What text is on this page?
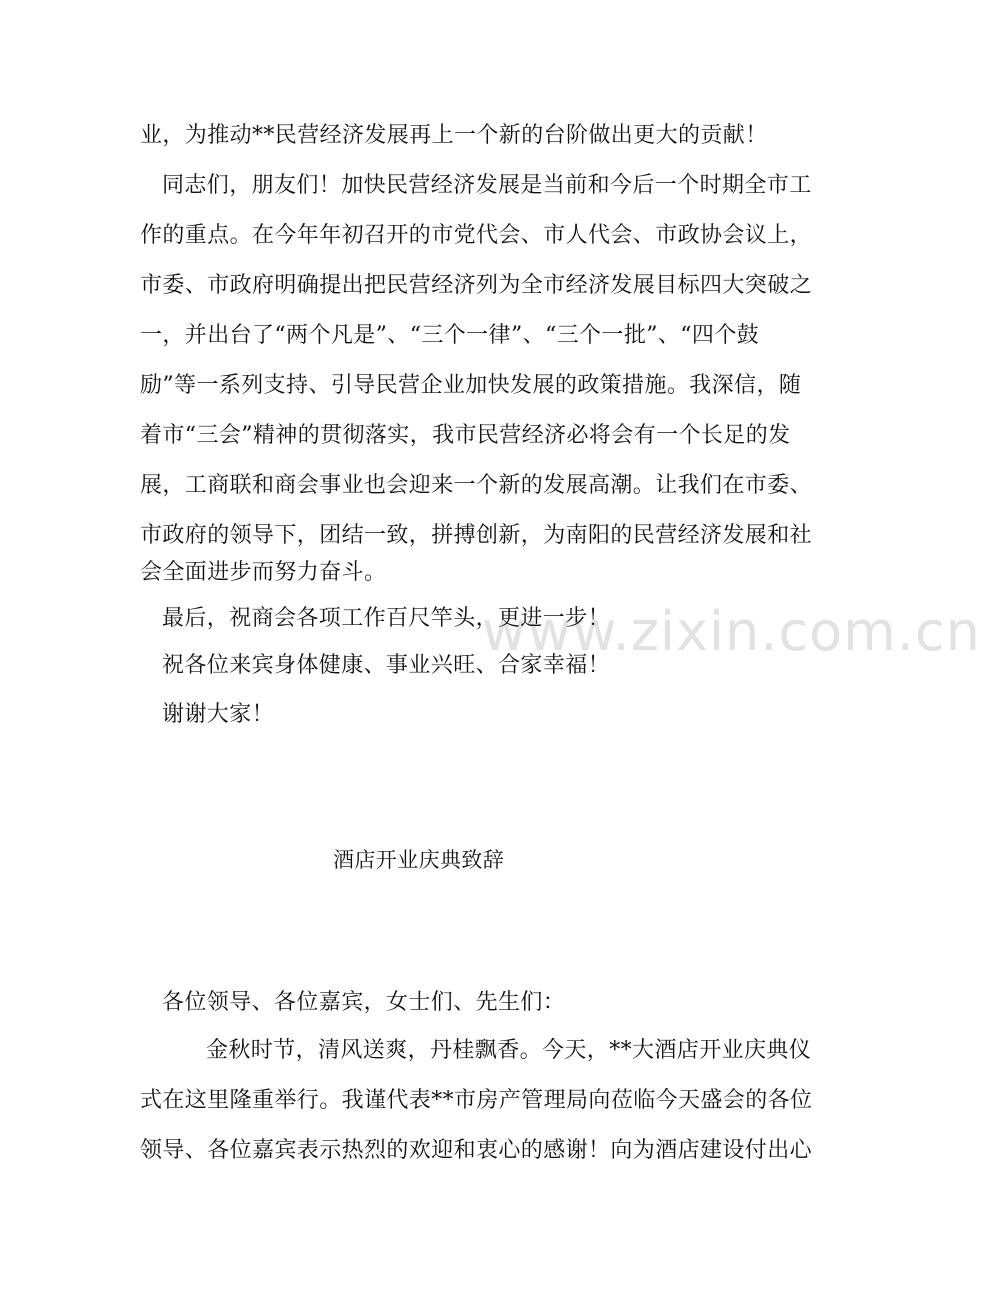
www.zixin.com.cn
业，为推动**民营经济发展再上一个新的台阶做出更大的贡献！
同志们，朋友们！加快民营经济发展是当前和今后一个时期全市工
作的重点。在今年年初召开的市党代会、市人代会、市政协会议上，
市委、市政府明确提出把民营经济列为全市经济发展目标四大突破之
一，并出台了“两个凡是”、“三个一律”、“三个一批”、“四个鼓
励”等一系列支持、引导民营企业加快发展的政策措施。我深信，随
着市“三会”精神的贯彻落实，我市民营经济必将会有一个长足的发
展，工商联和商会事业也会迎来一个新的发展高潮。让我们在市委、
市政府的领导下，团结一致，拼搏创新，为南阳的民营经济发展和社
会全面进步而努力奋斗。
最后，祝商会各项工作百尺竿头，更进一步！
祝各位来宾身体健康、事业兴旺、合家幸福！
谢谢大家！
酒店开业庆典致辞
各位领导、各位嘉宾，女士们、先生们：
金秋时节，清风送爽，丹桂飘香。今天，**大酒店开业庆典仪
式在这里隆重举行。我谨代表**市房产管理局向莅临今天盛会的各位
领导、各位嘉宾表示热烈的欢迎和衷心的感谢！向为酒店建设付出心
